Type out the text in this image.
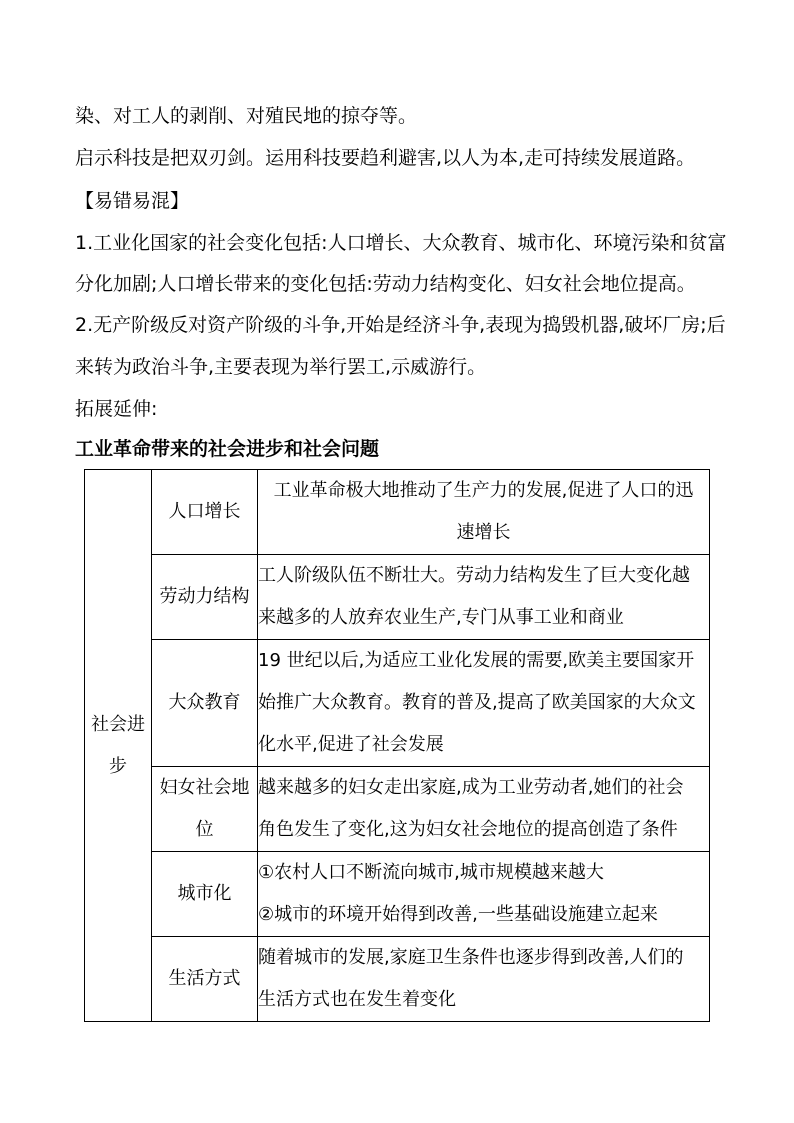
染、对工人的剥削、对殖民地的掠夺等。
启示科技是把双刃剑。运用科技要趋利避害,以人为本,走可持续发展道路。
【易错易混】
1.工业化国家的社会变化包括:人口增长、大众教育、城市化、环境污染和贫富
分化加剧;人口增长带来的变化包括:劳动力结构变化、妇女社会地位提高。
2.无产阶级反对资产阶级的斗争,开始是经济斗争,表现为捣毁机器,破坏厂房;后
来转为政治斗争,主要表现为举行罢工,示威游行。
拓展延伸:
工业革命带来的社会进步和社会问题
社会进
步	人口增长	工业革命极大地推动了生产力的发展,促进了人口的迅
速增长

	劳动力结构	工人阶级队伍不断壮大。劳动力结构发生了巨大变化越
来越多的人放弃农业生产,专门从事工业和商业

	大众教育	19 世纪以后,为适应工业化发展的需要,欧美主要国家开
始推广大众教育。教育的普及,提高了欧美国家的大众文
化水平,促进了社会发展

	妇女社会地
位	越来越多的妇女走出家庭,成为工业劳动者,她们的社会
角色发生了变化,这为妇女社会地位的提高创造了条件

	城市化	①农村人口不断流向城市,城市规模越来越大
②城市的环境开始得到改善,一些基础设施建立起来

	生活方式	随着城市的发展,家庭卫生条件也逐步得到改善,人们的
生活方式也在发生着变化
